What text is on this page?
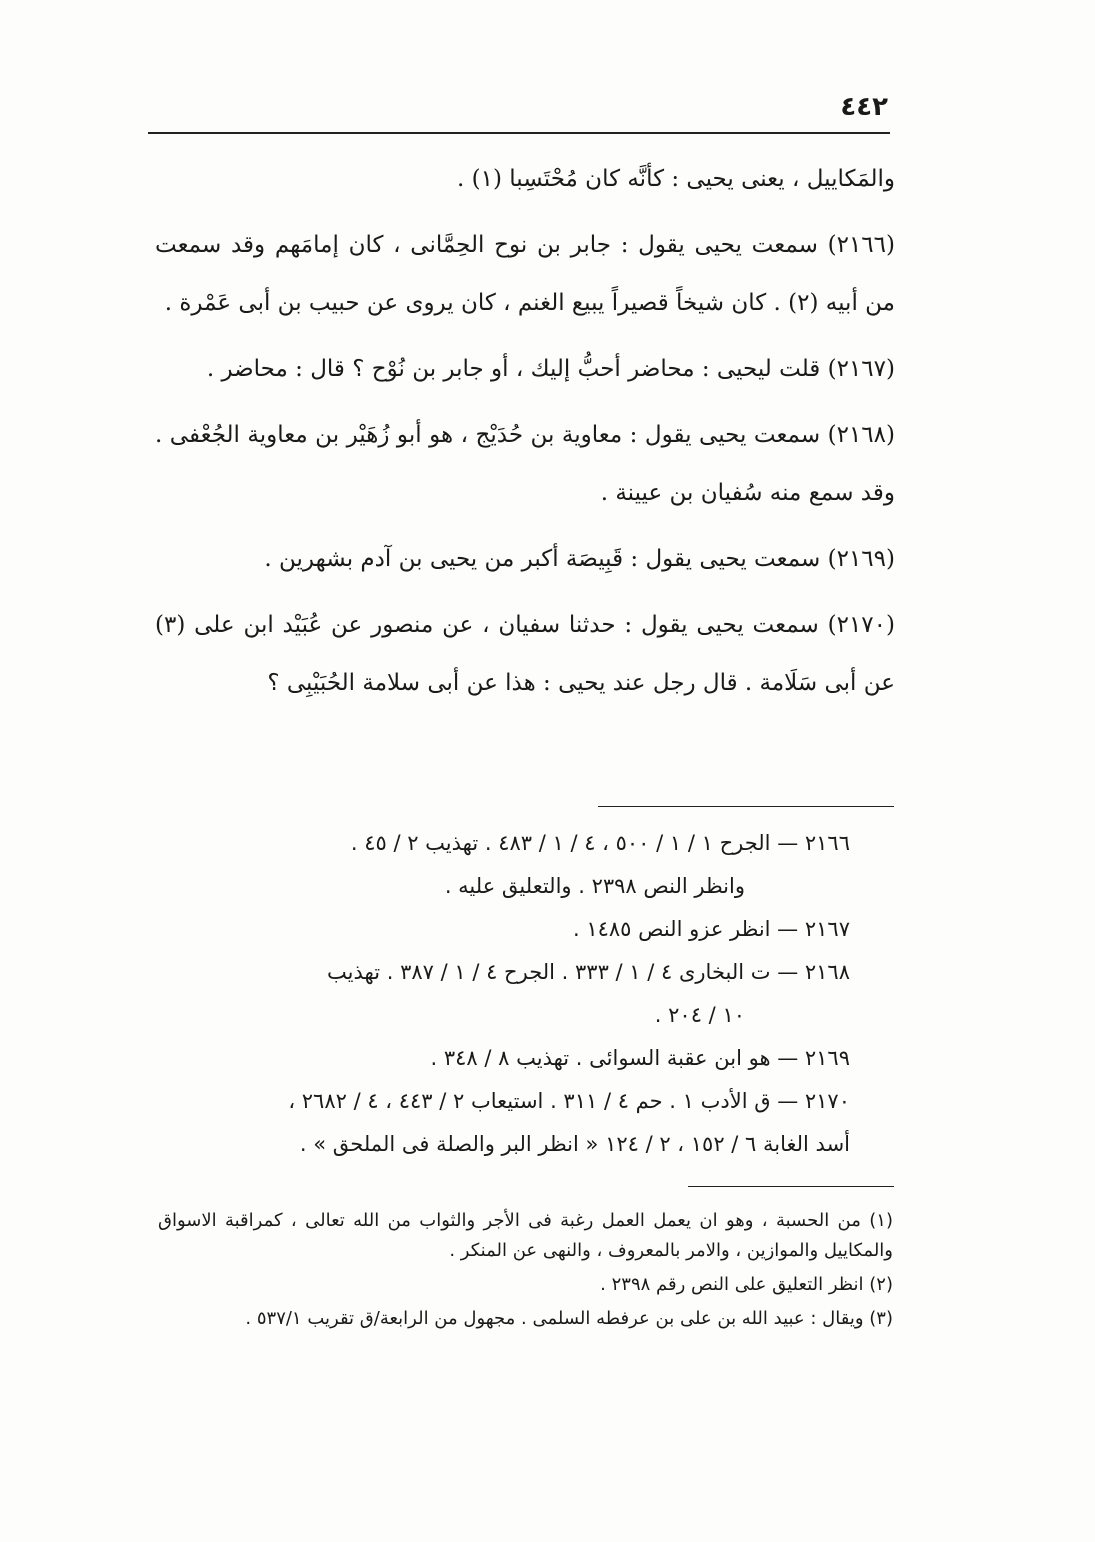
٤٤٢

والمَكاييل ، يعنى يحيى : كأنَّه كان مُحْتَسِبا (١) .

(٢١٦٦) سمعت يحيى يقول : جابر بن نوح الحِمَّانى ، كان إمامَهم وقد سمعت من أبيه (٢) . كان شيخاً قصيراً يبيع الغنم ، كان يروى عن حبيب بن أبى عَمْرة .

(٢١٦٧) قلت ليحيى : محاضر أحبُّ إليك ، أو جابر بن نُوْح ؟ قال : محاضر .

(٢١٦٨) سمعت يحيى يقول : معاوية بن حُدَيْج ، هو أبو زُهَيْر بن معاوية الجُعْفى . وقد سمع منه سُفيان بن عيينة .

(٢١٦٩) سمعت يحيى يقول : قَبِيصَة أكبر من يحيى بن آدم بشهرين .

(٢١٧٠) سمعت يحيى يقول : حدثنا سفيان ، عن منصور عن عُبَيْد ابن على (٣) عن أبى سَلَامة . قال رجل عند يحيى : هذا عن أبى سلامة الحُبَيْبِى ؟

٢١٦٦ — الجرح ١ / ١ / ٥٠٠ ، ٤ / ١ / ٤٨٣ . تهذيب ٢ / ٤٥ .
وانظر النص ٢٣٩٨ . والتعليق عليه .
٢١٦٧ — انظر عزو النص ١٤٨٥ .
٢١٦٨ — ت البخارى ٤ / ١ / ٣٣٣ . الجرح ٤ / ١ / ٣٨٧ . تهذيب
١٠ / ٢٠٤ .
٢١٦٩ — هو ابن عقبة السوائى . تهذيب ٨ / ٣٤٨ .
٢١٧٠ — ق الأدب ١ . حم ٤ / ٣١١ . استيعاب ٢ / ٤٤٣ ، ٤ / ٢٦٨٢ ،
أسد الغابة ٦ / ١٥٢ ، ٢ / ١٢٤ « انظر البر والصلة فى الملحق » .

(١) من الحسبة ، وهو ان يعمل العمل رغبة فى الأجر والثواب من الله تعالى ، كمراقبة الاسواق والمكاييل والموازين ، والامر بالمعروف ، والنهى عن المنكر .

(٢) انظر التعليق على النص رقم ٢٣٩٨ .

(٣) ويقال : عبيد الله بن على بن عرفطه السلمى . مجهول من الرابعة/ق تقريب ٥٣٧/١ .
